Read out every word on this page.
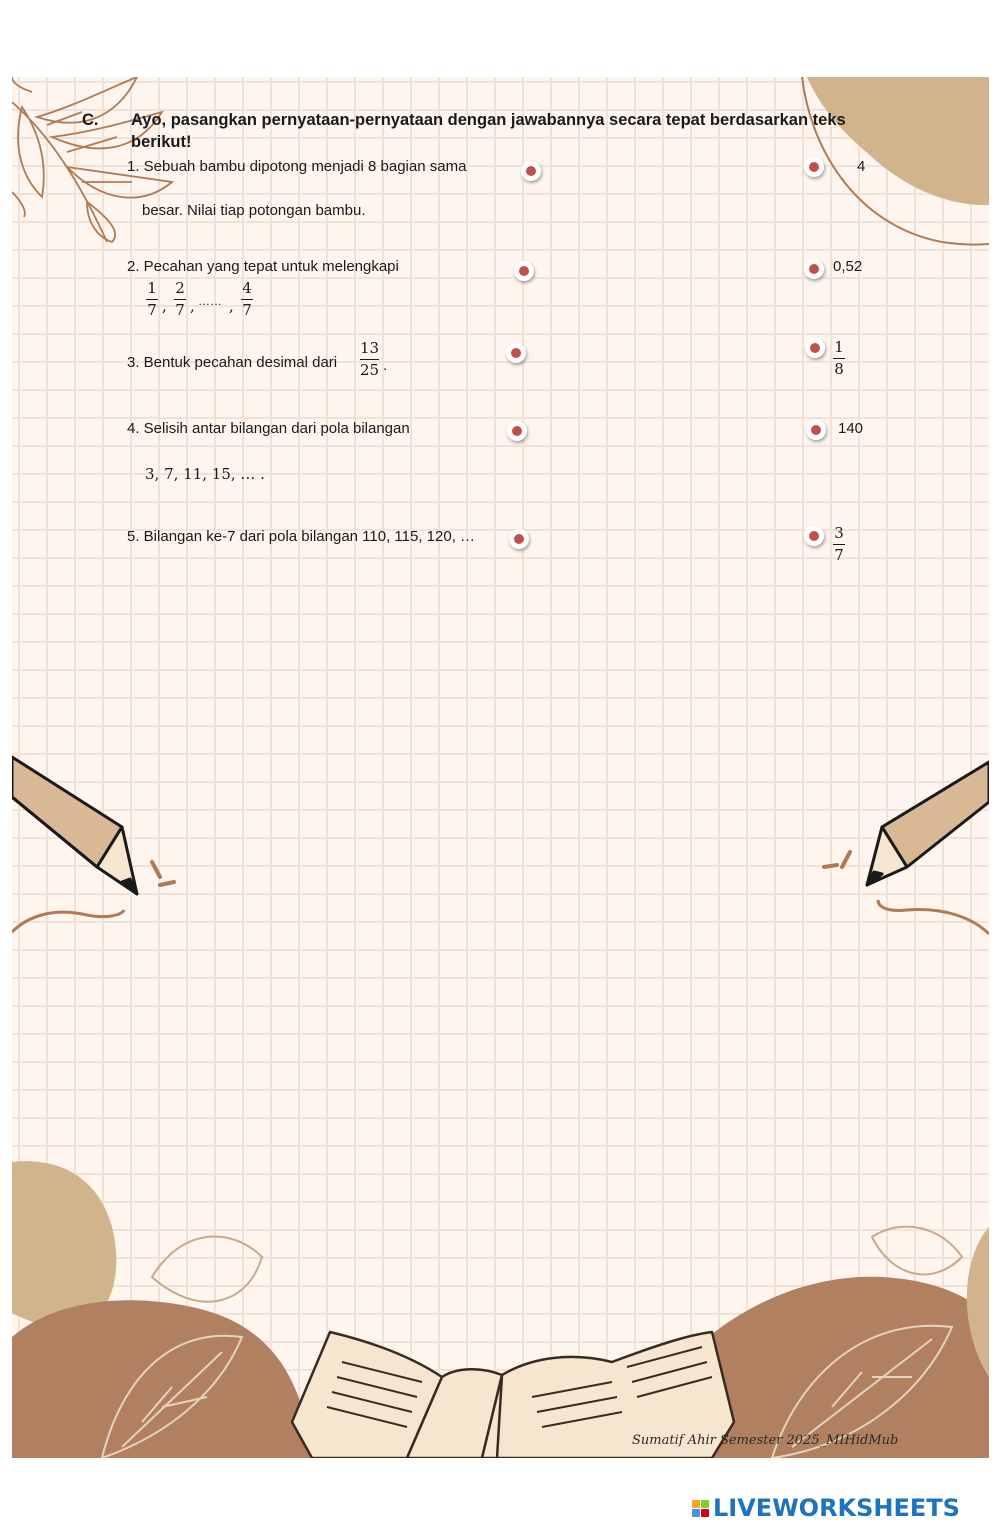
C. Ayo, pasangkan pernyataan-pernyataan dengan jawabannya secara tepat berdasarkan teks
berikut!
1. Sebuah bambu dipotong menjadi 8 bagian sama
besar. Nilai tiap potongan bambu.
2. Pecahan yang tepat untuk melengkapi
1
7 ,
2
7 , …… ,
4
7
3. Bentuk pecahan desimal dari
13
25 .
4. Selisih antar bilangan dari pola bilangan
3, 7, 11, 15, … .
5. Bilangan ke-7 dari pola bilangan 110, 115, 120, …
4
0,52
1
8
140
3
7
Sumatif Ahir Semester 2025_MIHidMub
LIVEWORKSHEETS
